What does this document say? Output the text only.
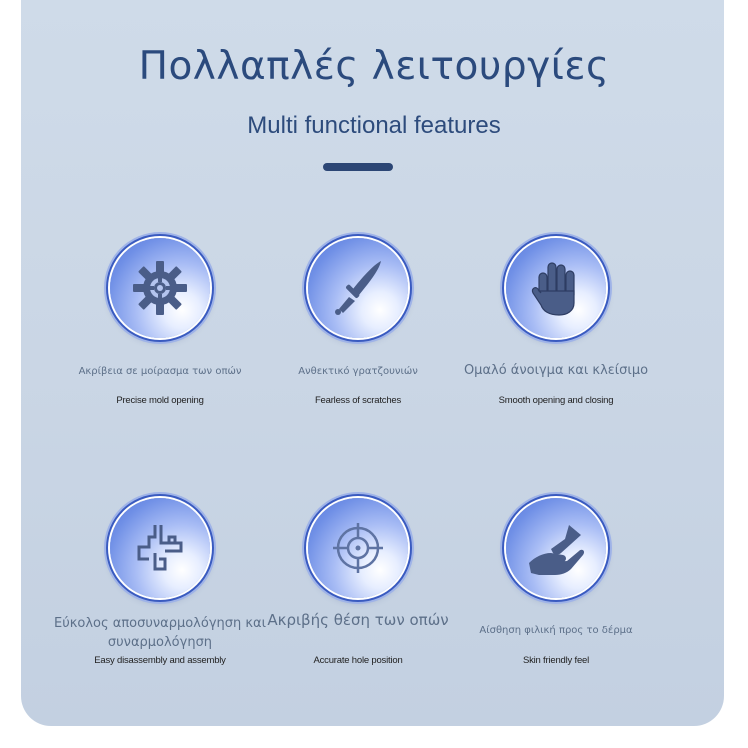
Πολλαπλές λειτουργίες
Multi functional features
Ακρίβεια σε μοίρασμα των οπών
Precise mold opening
Ανθεκτικό γρατζουνιών
Fearless of scratches
Ομαλό άνοιγμα και κλείσιμο
Smooth opening and closing
Εύκολος αποσυναρμολόγηση και συναρμολόγηση
Easy disassembly and assembly
Ακριβής θέση των οπών
Accurate hole position
Αίσθηση φιλική προς το δέρμα
Skin friendly feel
